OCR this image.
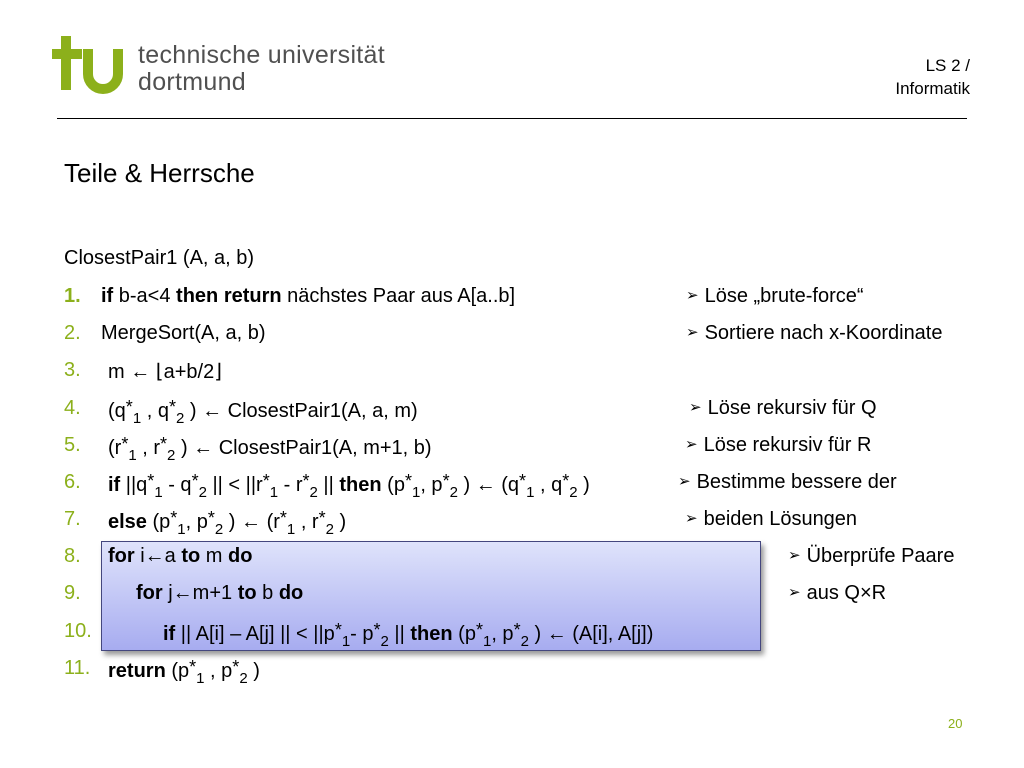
technische universität
dortmund
LS 2 /
Informatik
Teile & Herrsche
ClosestPair1 (A, a, b)
1.
2.
3.
4.
5.
6.
7.
8.
9.
10.
11.
if b-a<4 then return nächstes Paar aus A[a..b]
MergeSort(A, a, b)
m ← ⌊a+b/2⌋
($q*_1$ , $q*_2$ ) ← ClosestPair1(A, a, m)
($r*_1$ , $r*_2$ ) ← ClosestPair1(A, m+1, b)
if $||q*_1 - q*_2$ || < $||r*_1 - r*_2$ || then ($p*_1$, $p*_2$ ) ← ($q*_1$ , $q*_2$ )
else ($p*_1$, $p*_2$ ) ← ($r*_1$ , $r*_2$ )
for i←a to m do
for j←m+1 to b do
if || A[i] – A[j] || < $||p*_1-$ $p*_2$ || then ($p*_1$, $p*_2$ ) ← (A[i], A[j])
return ($p*_1$ , $p*_2$ )
➢ Löse „brute-force“
➢ Sortiere nach x-Koordinate
➢ Löse rekursiv für Q
➢ Löse rekursiv für R
➢ Bestimme bessere der
➢ beiden Lösungen
➢ Überprüfe Paare
➢ aus Q×R
20
